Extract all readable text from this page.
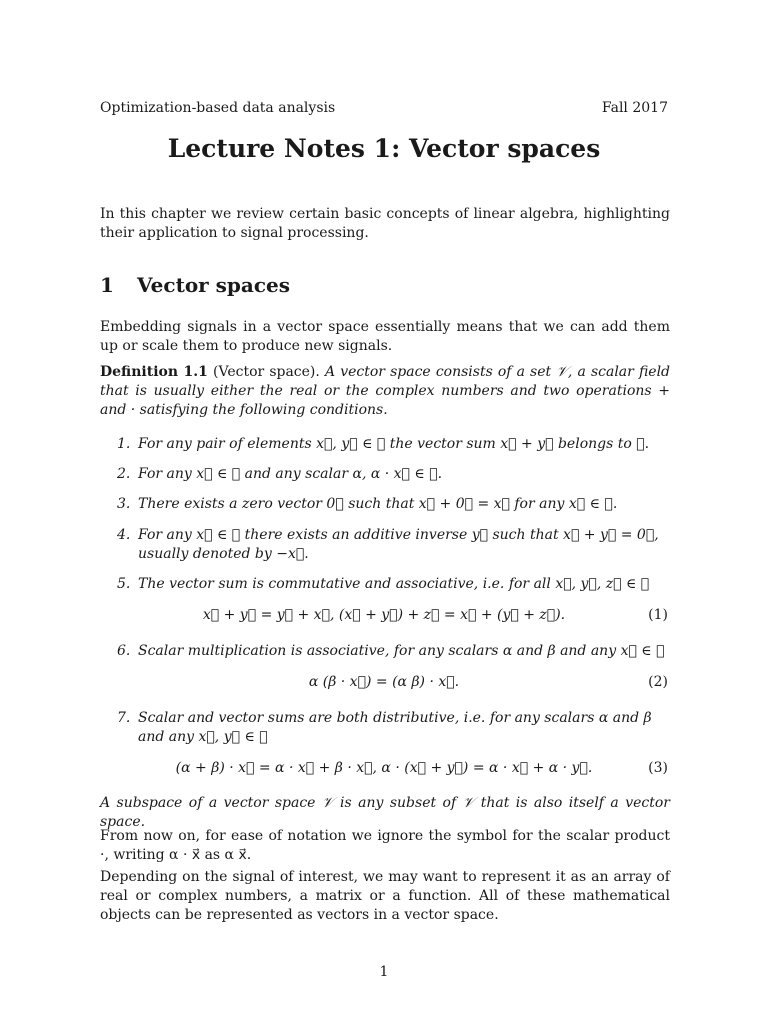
Optimization-based data analysis	Fall 2017
Lecture Notes 1: Vector spaces
In this chapter we review certain basic concepts of linear algebra, highlighting their application to signal processing.
1 Vector spaces
Embedding signals in a vector space essentially means that we can add them up or scale them to produce new signals.
Definition 1.1 (Vector space). A vector space consists of a set 𝒱, a scalar field that is usually either the real or the complex numbers and two operations + and · satisfying the following conditions.
1. For any pair of elements x⃗, y⃗ ∈ 𝒱 the vector sum x⃗ + y⃗ belongs to 𝒱.
2. For any x⃗ ∈ 𝒱 and any scalar α, α · x⃗ ∈ 𝒱.
3. There exists a zero vector 0⃗ such that x⃗ + 0⃗ = x⃗ for any x⃗ ∈ 𝒱.
4. For any x⃗ ∈ 𝒱 there exists an additive inverse y⃗ such that x⃗ + y⃗ = 0⃗, usually denoted by −x⃗.
5. The vector sum is commutative and associative, i.e. for all x⃗, y⃗, z⃗ ∈ 𝒱
x⃗ + y⃗ = y⃗ + x⃗, (x⃗ + y⃗) + z⃗ = x⃗ + (y⃗ + z⃗).	(1)
6. Scalar multiplication is associative, for any scalars α and β and any x⃗ ∈ 𝒱
α (β · x⃗) = (α β) · x⃗.	(2)
7. Scalar and vector sums are both distributive, i.e. for any scalars α and β and any x⃗, y⃗ ∈ 𝒱
(α + β) · x⃗ = α · x⃗ + β · x⃗, α · (x⃗ + y⃗) = α · x⃗ + α · y⃗.	(3)
A subspace of a vector space 𝒱 is any subset of 𝒱 that is also itself a vector space.
From now on, for ease of notation we ignore the symbol for the scalar product ·, writing α · x⃗ as α x⃗.
Depending on the signal of interest, we may want to represent it as an array of real or complex numbers, a matrix or a function. All of these mathematical objects can be represented as vectors in a vector space.
1
